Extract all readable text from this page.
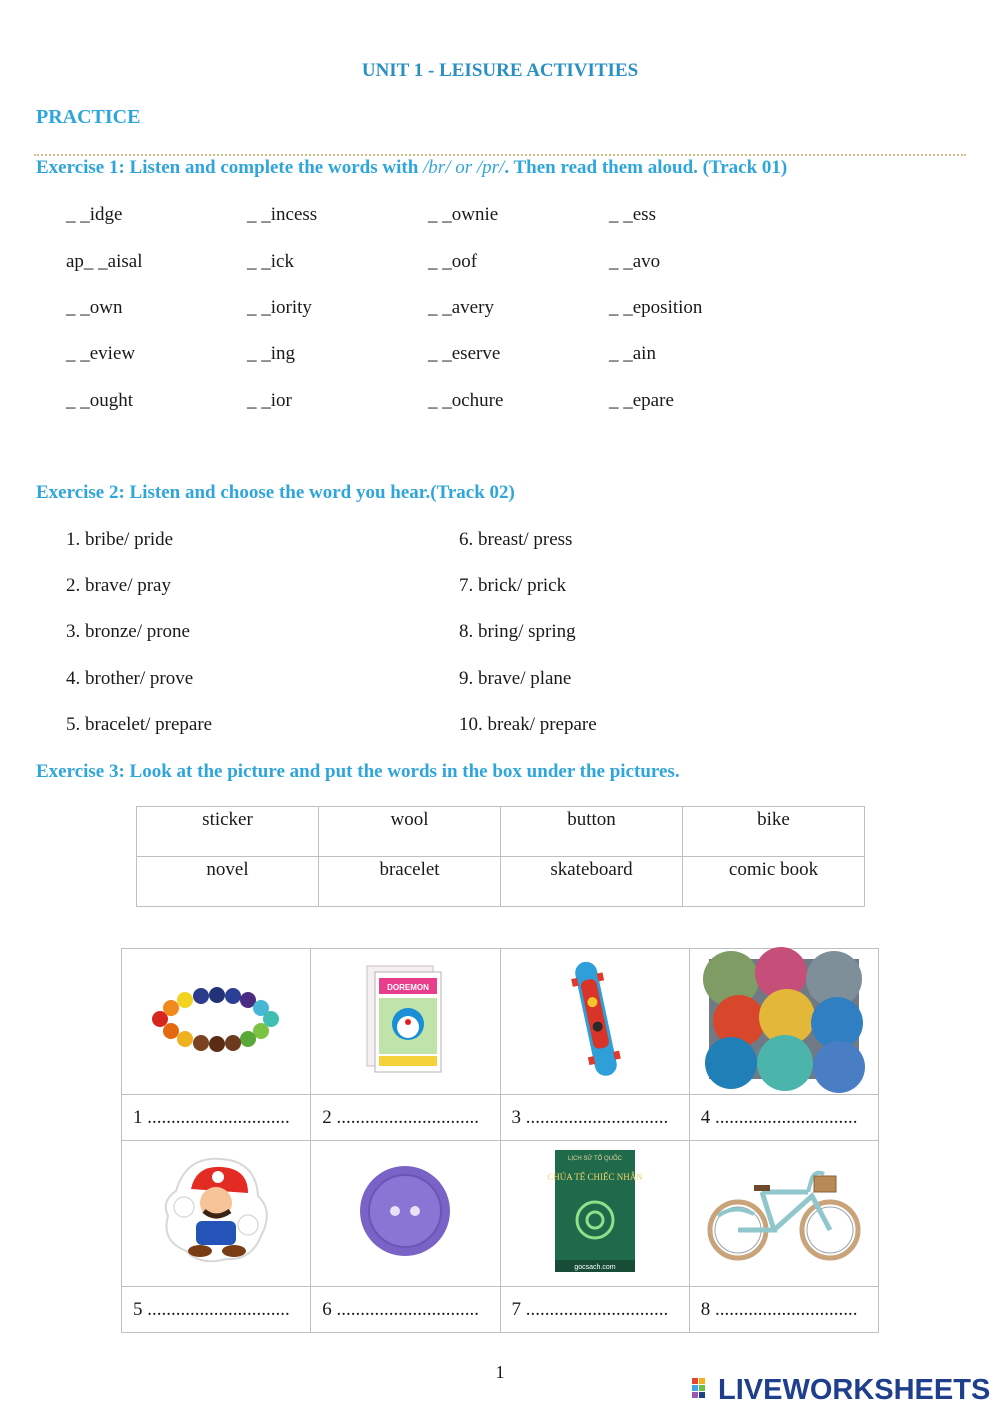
UNIT 1 - LEISURE ACTIVITIES
PRACTICE
Exercise 1: Listen and complete the words with /br/ or /pr/. Then read them aloud. (Track 01)
_ _idge	_ _incess	_ _ownie	_ _ess
ap_ _aisal	_ _ick	_ _oof	_ _avo
_ _own	_ _iority	_ _avery	_ _eposition
_ _eview	_ _ing	_ _eserve	_ _ain
_ _ought	_ _ior	_ _ochure	_ _epare
Exercise 2: Listen and choose the word you hear.(Track 02)
1. bribe/ pride
2. brave/ pray
3. bronze/ prone
4. brother/ prove
5. bracelet/ prepare
6. breast/ press
7. brick/ prick
8. bring/ spring
9. brave/ plane
10. break/ prepare
Exercise 3: Look at the picture and put the words in the box under the pictures.
sticker	wool	button	bike
novel	bracelet	skateboard	comic book

DOREMON

1 ..............................	2 ..............................	3 ..............................	4 ..............................

LỊCH SỬ TỔ QUỐC
CHÚA TỂ CHIẾC NHẪN
gocsach.com

5 ..............................	6 ..............................	7 ..............................	8 ..............................
1
LIVEWORKSHEETS
